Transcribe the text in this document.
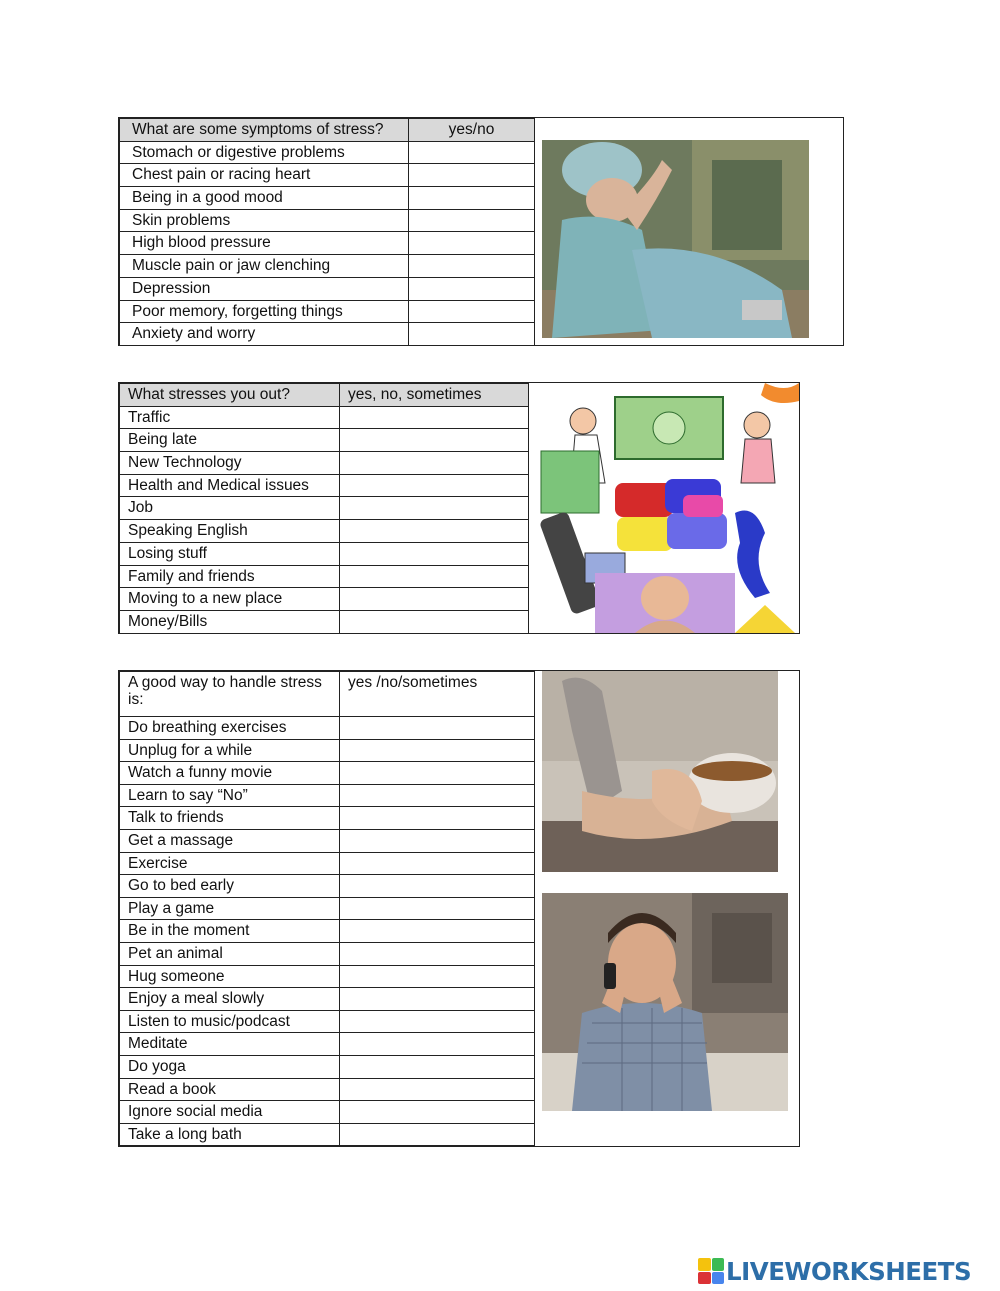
What are some symptoms of stress?	yes/no
Stomach or digestive problems	
Chest pain or racing heart	
Being in a good mood	
Skin problems	
High blood pressure	
Muscle pain or jaw clenching	
Depression	
Poor memory, forgetting things	
Anxiety and worry	
What stresses you out?	yes, no, sometimes
Traffic	
Being late	
New Technology	
Health and Medical issues	
Job	
Speaking English	
Losing stuff	
Family and friends	
Moving to a new place	
Money/Bills	
A good way to handle stress is:	yes /no/sometimes
Do breathing exercises	
Unplug for a while	
Watch a funny movie	
Learn to say “No”	
Talk to friends	
Get a massage	
Exercise	
Go to bed early	
Play a game	
Be in the moment	
Pet an animal	
Hug someone	
Enjoy a meal slowly	
Listen to music/podcast	
Meditate	
Do yoga	
Read a book	
Ignore social media	
Take a long bath	
LIVEWORKSHEETS
